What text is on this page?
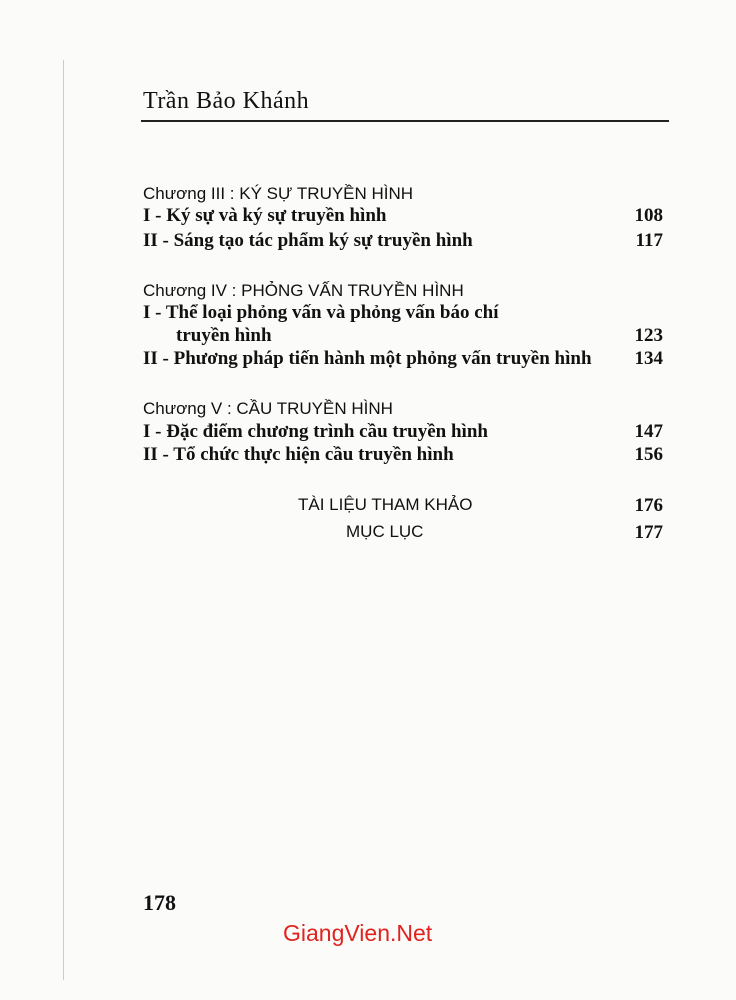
Trần Bảo Khánh
Chương III : KÝ SỰ TRUYỀN HÌNH
I - Ký sự và ký sự truyền hình	108
II - Sáng tạo tác phẩm ký sự truyền hình	117
Chương IV : PHỎNG VẤN TRUYỀN HÌNH
I - Thể loại phỏng vấn và phỏng vấn báo chí
truyền hình	123
II - Phương pháp tiến hành một phỏng vấn truyền hình 134
Chương V : CẦU TRUYỀN HÌNH
I - Đặc điểm chương trình cầu truyền hình	147
II - Tổ chức thực hiện cầu truyền hình	156
TÀI LIỆU THAM KHẢO	176
MỤC LỤC	177
178
GiangVien.Net
